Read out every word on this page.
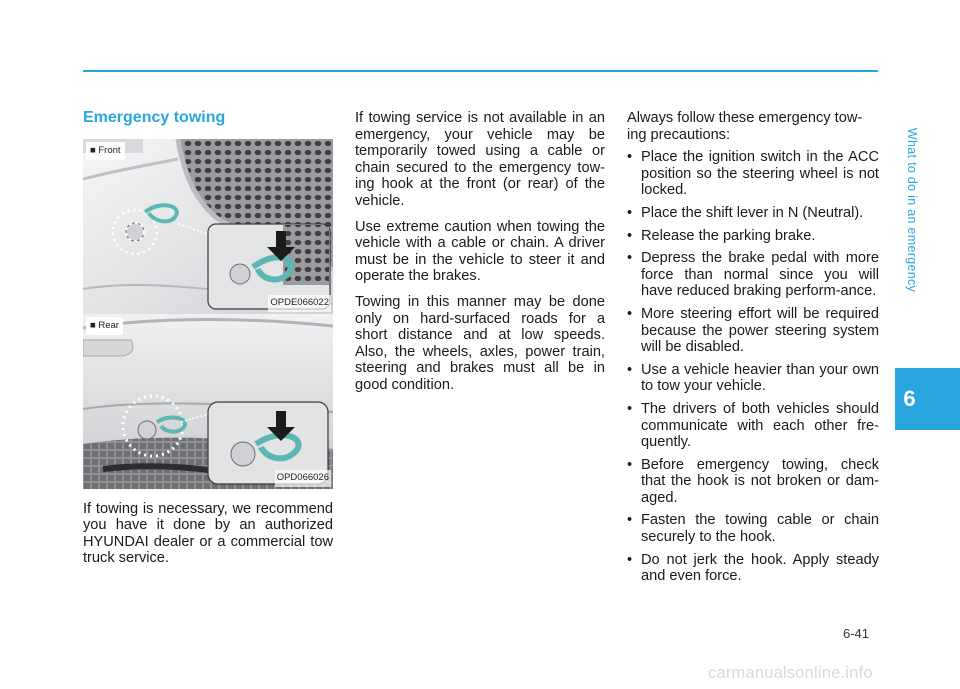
What to do in an emergency
6
Emergency towing
■ Front
OPDE066022
■ Rear
OPD066026

If towing is necessary, we recommend you have it done by an authorized HYUNDAI dealer or a commercial tow truck service.

If towing service is not available in an emergency, your vehicle may be temporarily towed using a cable or chain secured to the emergency tow-ing hook at the front (or rear) of the vehicle.

Use extreme caution when towing the vehicle with a cable or chain. A driver must be in the vehicle to steer it and operate the brakes.

Towing in this manner may be done only on hard-surfaced roads for a short distance and at low speeds. Also, the wheels, axles, power train, steering and brakes must all be in good condition.

Always follow these emergency tow-ing precautions:

• Place the ignition switch in the ACC position so the steering wheel is not locked.
• Place the shift lever in N (Neutral).
• Release the parking brake.
• Depress the brake pedal with more force than normal since you will have reduced braking perform-ance.
• More steering effort will be required because the power steering system will be disabled.
• Use a vehicle heavier than your own to tow your vehicle.
• The drivers of both vehicles should communicate with each other fre-quently.
• Before emergency towing, check that the hook is not broken or dam-aged.
• Fasten the towing cable or chain securely to the hook.
• Do not jerk the hook. Apply steady and even force.
6-41
carmanualsonline.info
